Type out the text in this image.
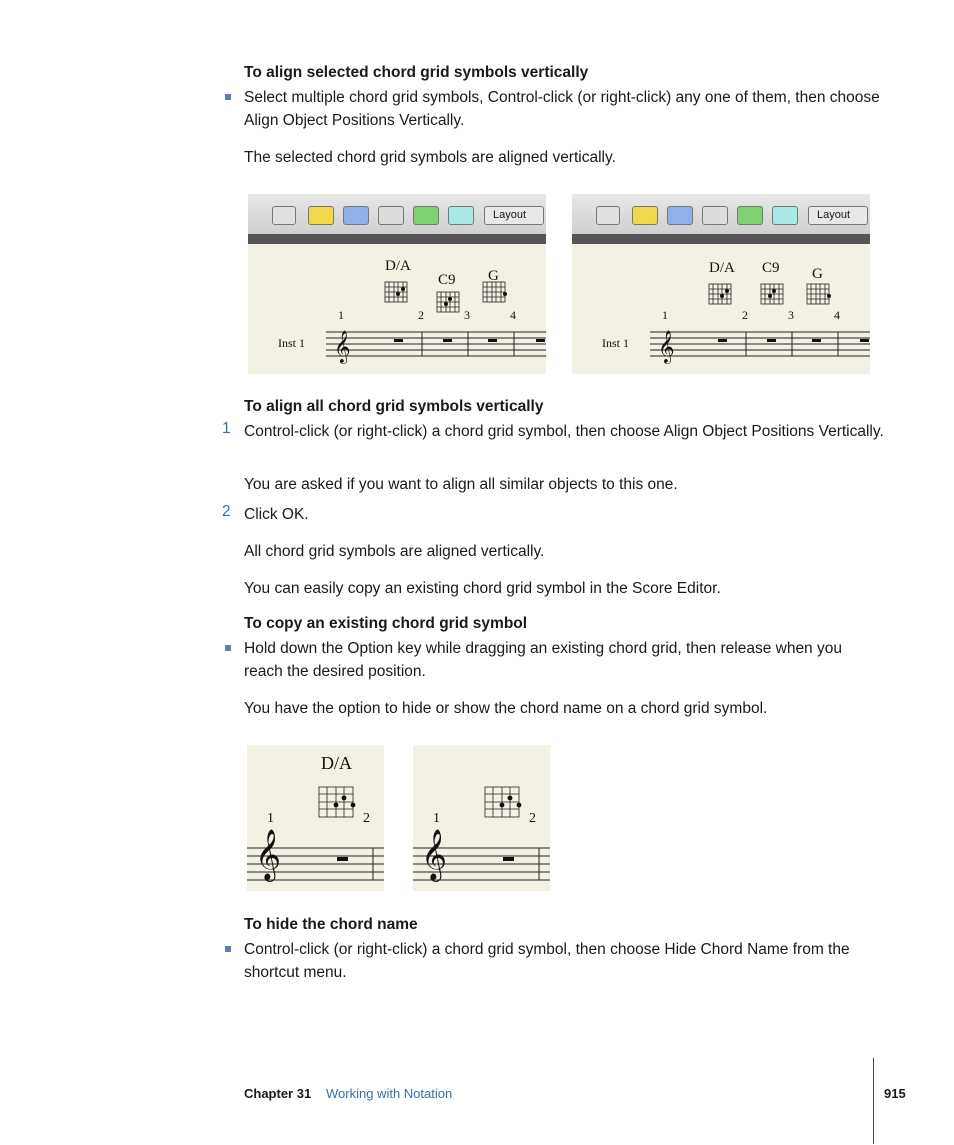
To align selected chord grid symbols vertically
Select multiple chord grid symbols, Control-click (or right-click) any one of them, then choose Align Object Positions Vertically.
The selected chord grid symbols are aligned vertically.
Layout
Inst 1 𝄞
D/A
C9 G
1	2	3	4
Layout
Inst 1 𝄞
D/A C9 G
1	2	3	4
To align all chord grid symbols vertically
1 Control-click (or right-click) a chord grid symbol, then choose Align Object Positions Vertically.
You are asked if you want to align all similar objects to this one.
2 Click OK.
All chord grid symbols are aligned vertically.
You can easily copy an existing chord grid symbol in the Score Editor.
To copy an existing chord grid symbol
Hold down the Option key while dragging an existing chord grid, then release when you reach the desired position.
You have the option to hide or show the chord name on a chord grid symbol.
D/A
1	2
𝄞
1	2
𝄞
To hide the chord name
Control-click (or right-click) a chord grid symbol, then choose Hide Chord Name from the shortcut menu.
Chapter 31 Working with Notation	915
